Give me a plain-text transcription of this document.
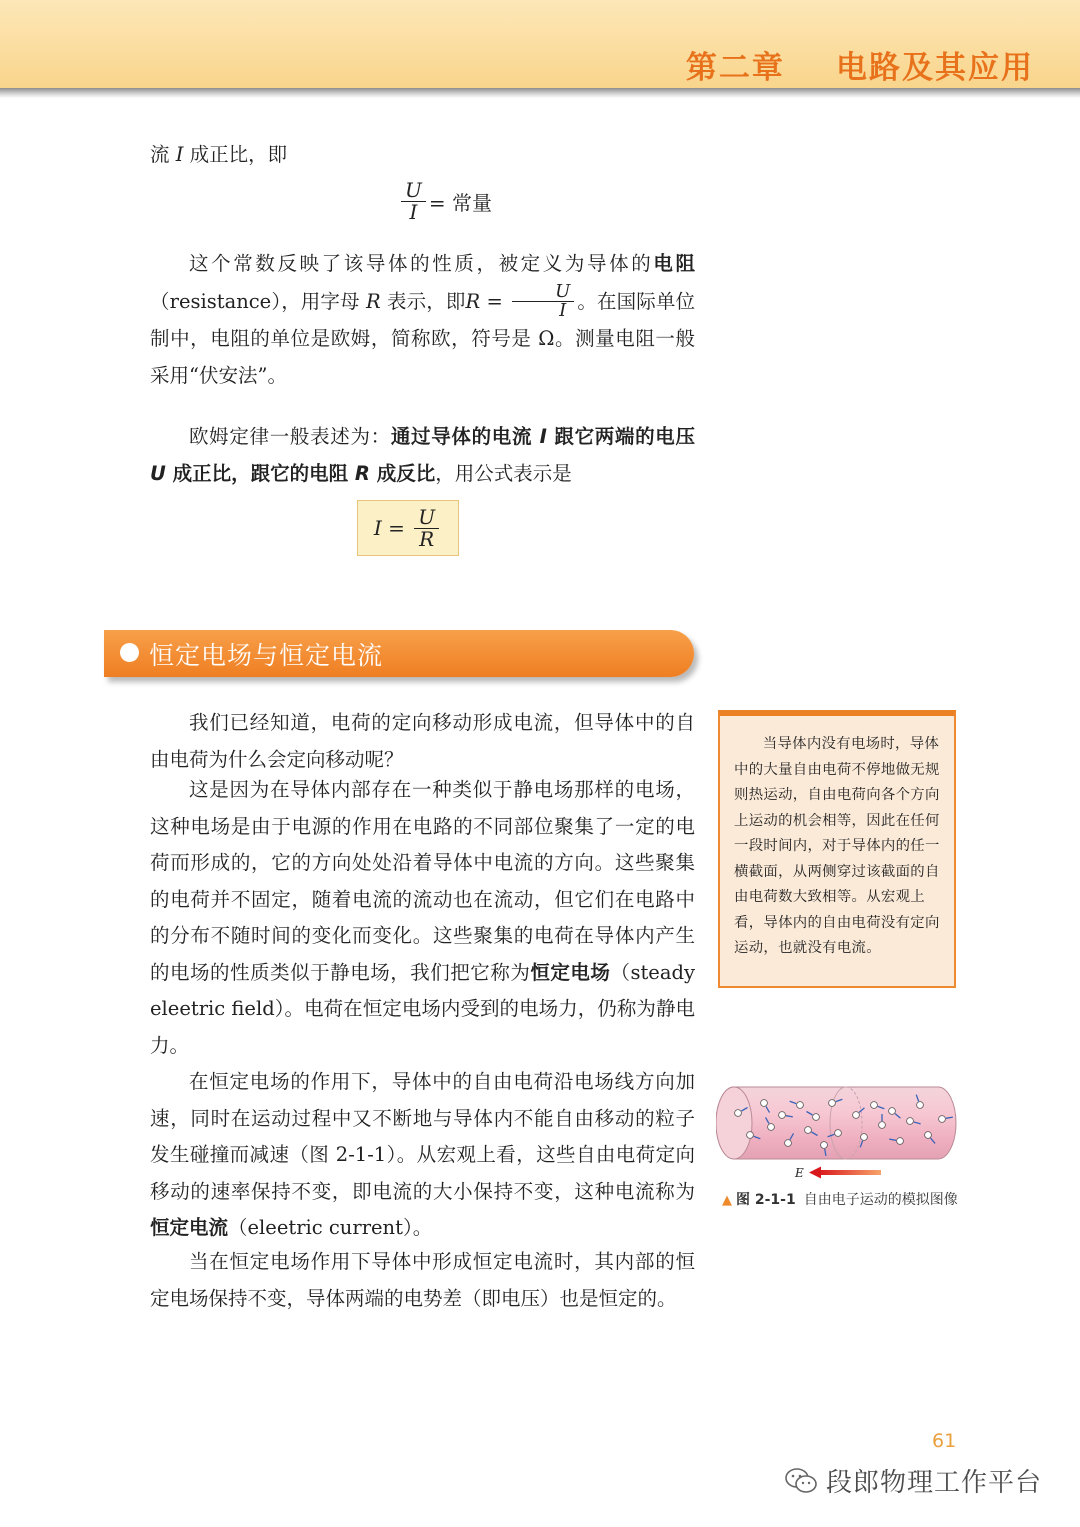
第二章    电路及其应用

流 I 成正比，即

$\frac{U}{I}$ = 常量

这个常数反映了该导体的性质，被定义为导体的电阻（resistance），用字母 R 表示，即$R = \frac{U}{I}$ 。在国际单位制中，电阻的单位是欧姆，简称欧，符号是 Ω。测量电阻一般采用“伏安法”。

欧姆定律一般表述为：通过导体的电流 I 跟它两端的电压 U 成正比，跟它的电阻 R 成反比，用公式表示是

$I = \frac{U}{R}$
恒定电场与恒定电流

我们已经知道，电荷的定向移动形成电流，但导体中的自由电荷为什么会定向移动呢？

这是因为在导体内部存在一种类似于静电场那样的电场，这种电场是由于电源的作用在电路的不同部位聚集了一定的电荷而形成的，它的方向处处沿着导体中电流的方向。这些聚集的电荷并不固定，随着电流的流动也在流动，但它们在电路中的分布不随时间的变化而变化。这些聚集的电荷在导体内产生的电场的性质类似于静电场，我们把它称为恒定电场（steady eleetric field）。电荷在恒定电场内受到的电场力，仍称为静电力。

在恒定电场的作用下，导体中的自由电荷沿电场线方向加速，同时在运动过程中又不断地与导体内不能自由移动的粒子发生碰撞而减速（图 2-1-1）。从宏观上看，这些自由电荷定向移动的速率保持不变，即电流的大小保持不变，这种电流称为恒定电流（eleetric current）。

当在恒定电场作用下导体中形成恒定电流时，其内部的恒定电场保持不变，导体两端的电势差（即电压）也是恒定的。

当导体内没有电场时，导体中的大量自由电荷不停地做无规则热运动，自由电荷向各个方向上运动的机会相等，因此在任何一段时间内，对于导体内的任一横截面，从两侧穿过该截面的自由电荷数大致相等。从宏观上看，导体内的自由电荷没有定向运动，也就没有电流。

E
▲ 图 2-1-1 自由电子运动的模拟图像
61
段郎物理工作平台
